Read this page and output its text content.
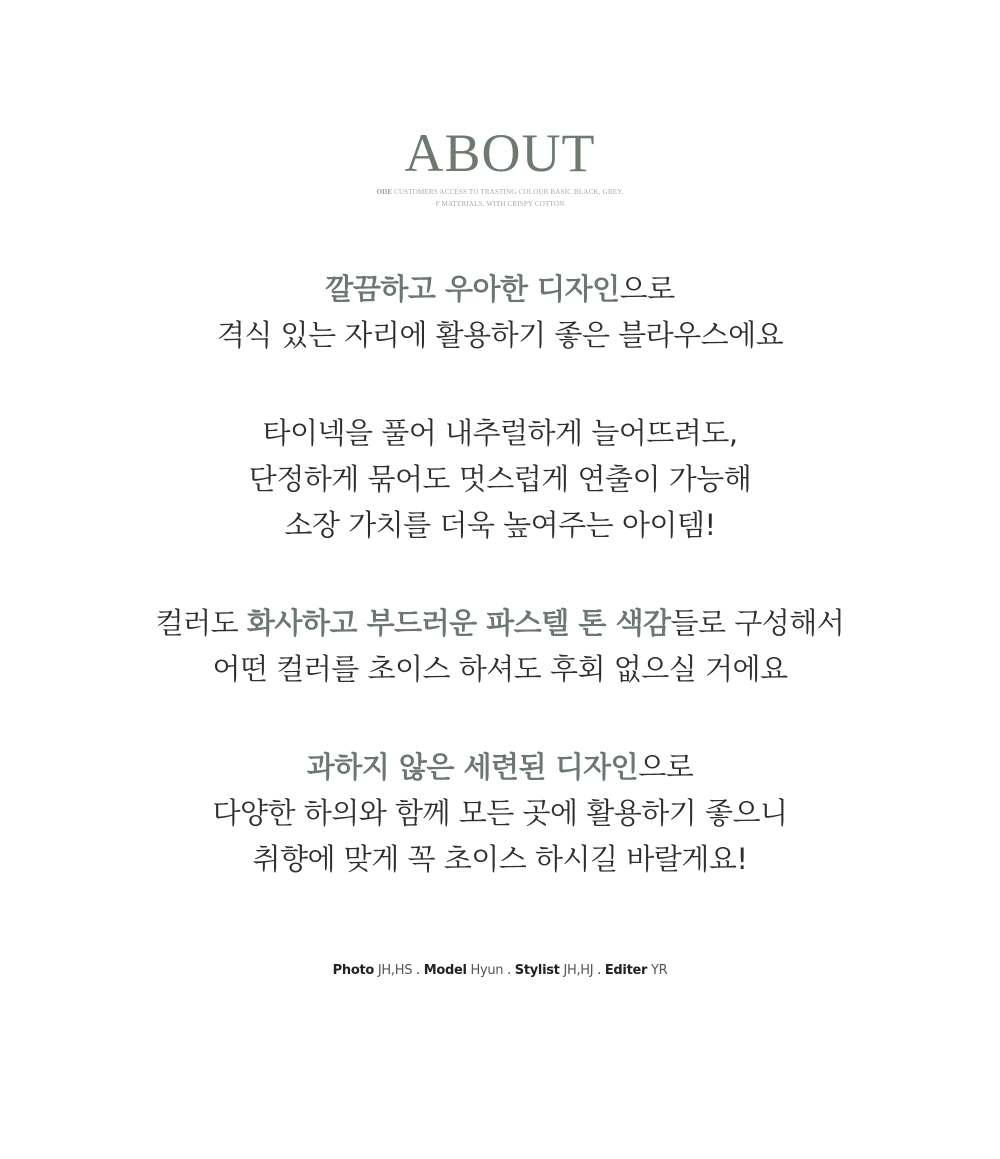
ABOUT
ODE CUSTOMERS ACCESS TO TRASTING COLOUR BASIC BLACK, GREY,
F MATERIALS, WITH CRISPY COTTON
깔끔하고 우아한 디자인으로
격식 있는 자리에 활용하기 좋은 블라우스에요
타이넥을 풀어 내추럴하게 늘어뜨려도,
단정하게 묶어도 멋스럽게 연출이 가능해
소장 가치를 더욱 높여주는 아이템!
컬러도 화사하고 부드러운 파스텔 톤 색감들로 구성해서
어떤 컬러를 초이스 하셔도 후회 없으실 거에요
과하지 않은 세련된 디자인으로
다양한 하의와 함께 모든 곳에 활용하기 좋으니
취향에 맞게 꼭 초이스 하시길 바랄게요!
Photo JH,HS . Model Hyun . Stylist JH,HJ . Editer YR
